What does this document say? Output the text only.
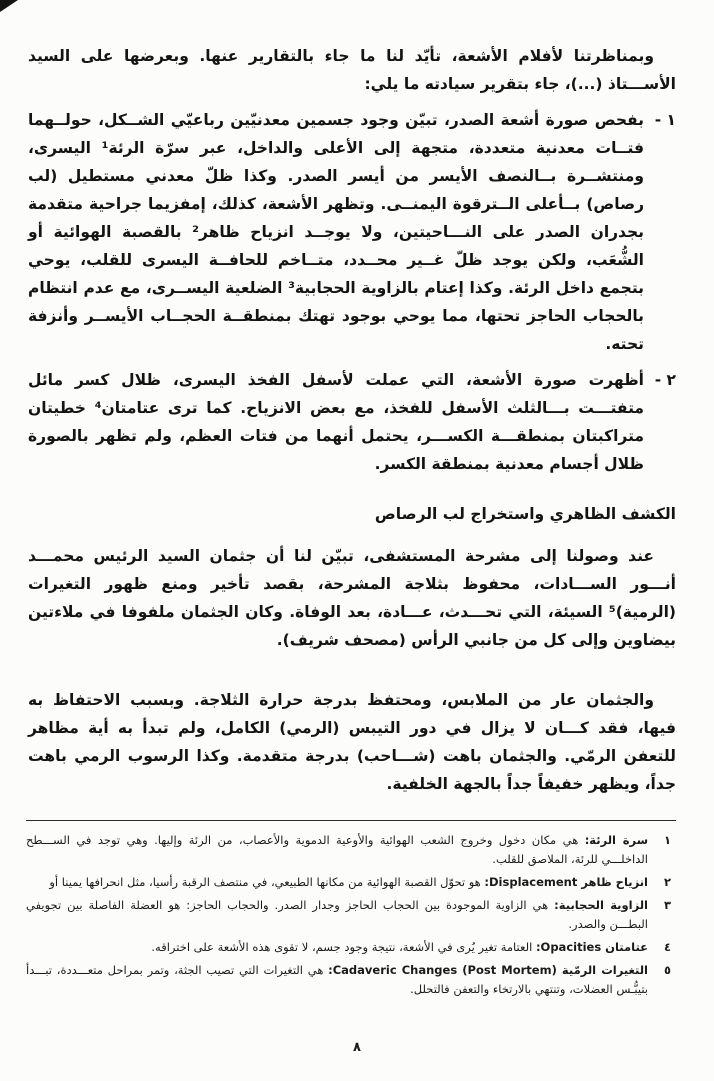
وبمناظرتنا لأفلام الأشعة، تأيّد لنا ما جاء بالتقارير عنها. وبعرضها على السيد الأســـتاذ (...)، جاء بتقرير سيادته ما يلي:

١ -
بفحص صورة أشعة الصدر، تبيّن وجود جسمين معدنيّين رباعيّي الشــكل، حولــهما فتــات معدنية متعددة، متجهة إلى الأعلى والداخل، عبر سرّة الرئة¹ اليسرى، ومنتشــرة بــالنصف الأيسر من أيسر الصدر. وكذا ظلّ معدني مستطيل (لب رصاص) بــأعلى الــترقوة اليمنــى. وتظهر الأشعة، كذلك، إمفزيما جراحية متقدمة بجدران الصدر على النـــاحيتين، ولا يوجــد انزياح ظاهر² بالقصبة الهوائية أو الشُّعَب، ولكن يوجد ظلّ غــير محــدد، متــاخم للحافــة اليسرى للقلب، يوحي بتجمع داخل الرئة. وكذا إعتام بالزاوية الحجابية³ الضلعية اليســرى، مع عدم انتظام بالحجاب الحاجز تحتها، مما يوحي بوجود تهتك بمنطقــة الحجــاب الأيســر وأنزفة تحته.
٢ -
أظهرت صورة الأشعة، التي عملت لأسفل الفخذ اليسرى، ظلال كسر مائل متفتـــت بـــالثلث الأسفل للفخذ، مع بعض الانزياح. كما ترى عتامتان⁴ خطيتان متراكبتان بمنطقـــة الكســـر، يحتمل أنهما من فتات العظم، ولم تظهر بالصورة ظلال أجسام معدنية بمنطقة الكسر.
الكشف الظاهري واستخراج لب الرصاص

عند وصولنا إلى مشرحة المستشفى، تبيّن لنا أن جثمان السيد الرئيس محمـــد أنـــور الســـادات، محفوظ بثلاجة المشرحة، بقصد تأخير ومنع ظهور التغيرات (الرمية)⁵ السيئة، التي تحـــدث، عـــادة، بعد الوفاة. وكان الجثمان ملفوفا في ملاءتين بيضاوين وإلى كل من جانبي الرأس (مصحف شريف).

والجثمان عار من الملابس، ومحتفظ بدرجة حرارة الثلاجة. وبسبب الاحتفاظ به فيها، فقد كـــان لا يزال في دور التيبس (الرمي) الكامل، ولم تبدأ به أية مظاهر للتعفن الرمّي. والجثمان باهت (شـــاحب) بدرجة متقدمة. وكذا الرسوب الرمي باهت جداً، ويظهر خفيفاً جداً بالجهة الخلفية.

١
سرة الرئة: هي مكان دخول وخروج الشعب الهوائية والأوعية الدموية والأعصاب، من الرئة وإليها. وهي توجد في الســـطح الداخلـــي للرئة، الملاصق للقلب.
٢
انزياح ظاهر Displacement: هو تحوّل القصبة الهوائية من مكانها الطبيعي، في منتصف الرقبة رأسيا، مثل انحرافها يمينا أو
٣
الزاوية الحجابية: هي الزاوية الموجودة بين الحجاب الحاجز وجدار الصدر. والحجاب الحاجز: هو العضلة الفاصلة بين تجويفي البطـــن والصدر.
٤
عتامتان Opacities: العتامة تغير يُرى في الأشعة، نتيجة وجود جسم، لا تقوى هذه الأشعة على اختراقه.
٥
التغيرات الرمّية Cadaveric Changes (Post Mortem): هي التغيرات التي تصيب الجثة، وتمر بمراحل متعـــددة، تبـــدأ بتيبُّـس العضلات، وتنتهي بالارتخاء والتعفن فالتحلل.
٨
